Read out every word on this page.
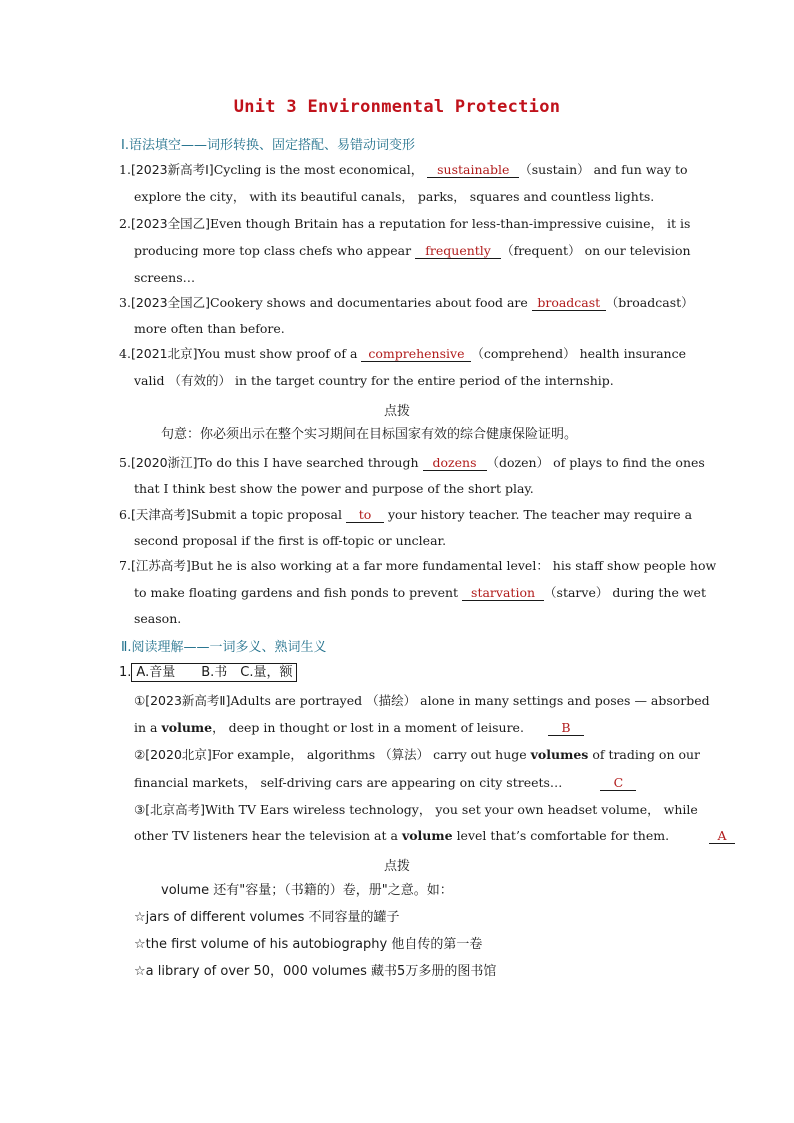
Unit 3 Environmental Protection
Ⅰ.语法填空——词形转换、固定搭配、易错动词变形
1.[2023新高考Ⅰ]Cycling is the most economical， sustainable （sustain） and fun way to
explore the city， with its beautiful canals， parks， squares and countless lights.
2.[2023全国乙]Even though Britain has a reputation for less-than-impressive cuisine， it is
producing more top class chefs who appear frequently （frequent） on our television
screens…
3.[2023全国乙]Cookery shows and documentaries about food are broadcast （broadcast）
more often than before.
4.[2021北京]You must show proof of a comprehensive （comprehend） health insurance
valid （有效的） in the target country for the entire period of the internship.
点拨
句意：你必须出示在整个实习期间在目标国家有效的综合健康保险证明。
5.[2020浙江]To do this I have searched through dozens （dozen） of plays to find the ones
that I think best show the power and purpose of the short play.
6.[天津高考]Submit a topic proposal to your history teacher. The teacher may require a
second proposal if the first is off-topic or unclear.
7.[江苏高考]But he is also working at a far more fundamental level： his staff show people how
to make floating gardens and fish ponds to prevent starvation （starve） during the wet
season.
Ⅱ.阅读理解——一词多义、熟词生义
1. A.音量　　B.书　C.量，额
①[2023新高考Ⅱ]Adults are portrayed （描绘） alone in many settings and poses — absorbed
in a volume， deep in thought or lost in a moment of leisure.	B
②[2020北京]For example， algorithms （算法） carry out huge volumes of trading on our
financial markets， self-driving cars are appearing on city streets…	C
③[北京高考]With TV Ears wireless technology， you set your own headset volume， while
other TV listeners hear the television at a volume level that’s comfortable for them.	A
点拨
volume 还有"容量；（书籍的）卷，册"之意。如：
☆jars of different volumes 不同容量的罐子
☆the first volume of his autobiography 他自传的第一卷
☆a library of over 50，000 volumes 藏书5万多册的图书馆
